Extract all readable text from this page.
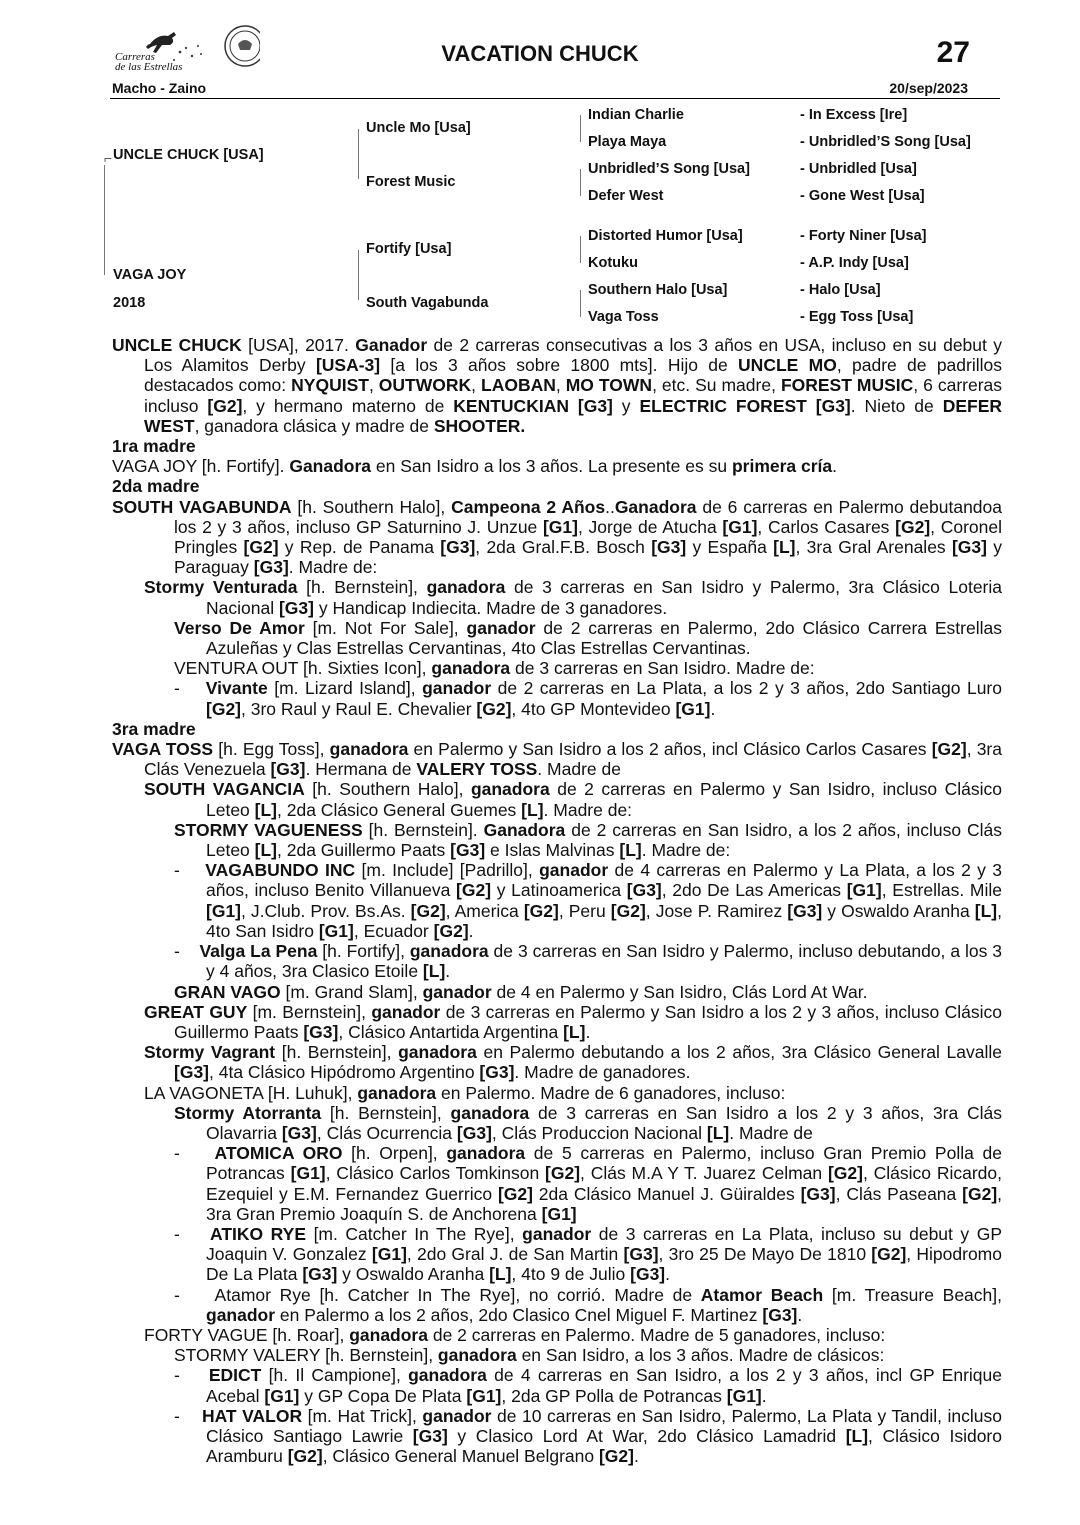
Carreras
de las Estrellas
VACATION CHUCK	27
Macho - Zaino	20/sep/2023
⌐ UNCLE CHUCK [USA]
VAGA JOY
2018
Uncle Mo [Usa]
Forest Music
Fortify [Usa]
South Vagabunda
Indian Charlie
Playa Maya
Unbridled’S Song [Usa]
Defer West
Distorted Humor [Usa]
Kotuku
Southern Halo [Usa]
Vaga Toss
- In Excess [Ire]
- Unbridled’S Song [Usa]
- Unbridled [Usa]
- Gone West [Usa]
- Forty Niner [Usa]
- A.P. Indy [Usa]
- Halo [Usa]
- Egg Toss [Usa]

UNCLE CHUCK [USA], 2017. Ganador de 2 carreras consecutivas a los 3 años en USA, incluso en su debut y Los Alamitos Derby [USA-3] [a los 3 años sobre 1800 mts]. Hijo de UNCLE MO, padre de padrillos destacados como: NYQUIST, OUTWORK, LAOBAN, MO TOWN, etc. Su madre, FOREST MUSIC, 6 carreras incluso [G2], y hermano materno de KENTUCKIAN [G3] y ELECTRIC FOREST [G3]. Nieto de DEFER WEST, ganadora clásica y madre de SHOOTER.

1ra madre

VAGA JOY [h. Fortify]. Ganadora en San Isidro a los 3 años. La presente es su primera cría.

2da madre

SOUTH VAGABUNDA [h. Southern Halo], Campeona 2 Años..Ganadora de 6 carreras en Palermo debutandoa los 2 y 3 años, incluso GP Saturnino J. Unzue [G1], Jorge de Atucha [G1], Carlos Casares [G2], Coronel Pringles [G2] y Rep. de Panama [G3], 2da Gral.F.B. Bosch [G3] y España [L], 3ra Gral Arenales [G3] y Paraguay [G3]. Madre de:

Stormy Venturada [h. Bernstein], ganadora de 3 carreras en San Isidro y Palermo, 3ra Clásico Loteria Nacional [G3] y Handicap Indiecita. Madre de 3 ganadores.

Verso De Amor [m. Not For Sale], ganador de 2 carreras en Palermo, 2do Clásico Carrera Estrellas Azuleñas y Clas Estrellas Cervantinas, 4to Clas Estrellas Cervantinas.

VENTURA OUT [h. Sixties Icon], ganadora de 3 carreras en San Isidro. Madre de:

-    Vivante [m. Lizard Island], ganador de 2 carreras en La Plata, a los 2 y 3 años, 2do Santiago Luro [G2], 3ro Raul y Raul E. Chevalier [G2], 4to GP Montevideo [G1].

3ra madre

VAGA TOSS [h. Egg Toss], ganadora en Palermo y San Isidro a los 2 años, incl Clásico Carlos Casares [G2], 3ra Clás Venezuela [G3]. Hermana de VALERY TOSS. Madre de

SOUTH VAGANCIA [h. Southern Halo], ganadora de 2 carreras en Palermo y San Isidro, incluso Clásico Leteo [L], 2da Clásico General Guemes [L]. Madre de:

STORMY VAGUENESS [h. Bernstein]. Ganadora de 2 carreras en San Isidro, a los 2 años, incluso Clás Leteo [L], 2da Guillermo Paats [G3] e Islas Malvinas [L]. Madre de:

-    VAGABUNDO INC [m. Include] [Padrillo], ganador de 4 carreras en Palermo y La Plata, a los 2 y 3 años, incluso Benito Villanueva [G2] y Latinoamerica [G3], 2do De Las Americas [G1], Estrellas. Mile [G1], J.Club. Prov. Bs.As. [G2], America [G2], Peru [G2], Jose P. Ramirez [G3] y Oswaldo Aranha [L], 4to San Isidro [G1], Ecuador [G2].

-    Valga La Pena [h. Fortify], ganadora de 3 carreras en San Isidro y Palermo, incluso debutando, a los 3 y 4 años, 3ra Clasico Etoile [L].

GRAN VAGO [m. Grand Slam], ganador de 4 en Palermo y San Isidro, Clás Lord At War.

GREAT GUY [m. Bernstein], ganador de 3 carreras en Palermo y San Isidro a los 2 y 3 años, incluso Clásico Guillermo Paats [G3], Clásico Antartida Argentina [L].

Stormy Vagrant [h. Bernstein], ganadora en Palermo debutando a los 2 años, 3ra Clásico General Lavalle [G3], 4ta Clásico Hipódromo Argentino [G3]. Madre de ganadores.

LA VAGONETA [H. Luhuk], ganadora en Palermo. Madre de 6 ganadores, incluso:

Stormy Atorranta [h. Bernstein], ganadora de 3 carreras en San Isidro a los 2 y 3 años, 3ra Clás Olavarria [G3], Clás Ocurrencia [G3], Clás Produccion Nacional [L]. Madre de

-    ATOMICA ORO [h. Orpen], ganadora de 5 carreras en Palermo, incluso Gran Premio Polla de Potrancas [G1], Clásico Carlos Tomkinson [G2], Clás M.A Y T. Juarez Celman [G2], Clásico Ricardo, Ezequiel y E.M. Fernandez Guerrico [G2] 2da Clásico Manuel J. Güiraldes [G3], Clás Paseana [G2], 3ra Gran Premio Joaquín S. de Anchorena [G1]

-    ATIKO RYE [m. Catcher In The Rye], ganador de 3 carreras en La Plata, incluso su debut y GP Joaquin V. Gonzalez [G1], 2do Gral J. de San Martin [G3], 3ro 25 De Mayo De 1810 [G2], Hipodromo De La Plata [G3] y Oswaldo Aranha [L], 4to 9 de Julio [G3].

-    Atamor Rye [h. Catcher In The Rye], no corrió. Madre de Atamor Beach [m. Treasure Beach], ganador en Palermo a los 2 años, 2do Clasico Cnel Miguel F. Martinez [G3].

FORTY VAGUE [h. Roar], ganadora de 2 carreras en Palermo. Madre de 5 ganadores, incluso:

STORMY VALERY [h. Bernstein], ganadora en San Isidro, a los 3 años. Madre de clásicos:

-    EDICT [h. Il Campione], ganadora de 4 carreras en San Isidro, a los 2 y 3 años, incl GP Enrique Acebal [G1] y GP Copa De Plata [G1], 2da GP Polla de Potrancas [G1].

-    HAT VALOR [m. Hat Trick], ganador de 10 carreras en San Isidro, Palermo, La Plata y Tandil, incluso Clásico Santiago Lawrie [G3] y Clasico Lord At War, 2do Clásico Lamadrid [L], Clásico Isidoro Aramburu [G2], Clásico General Manuel Belgrano [G2].
